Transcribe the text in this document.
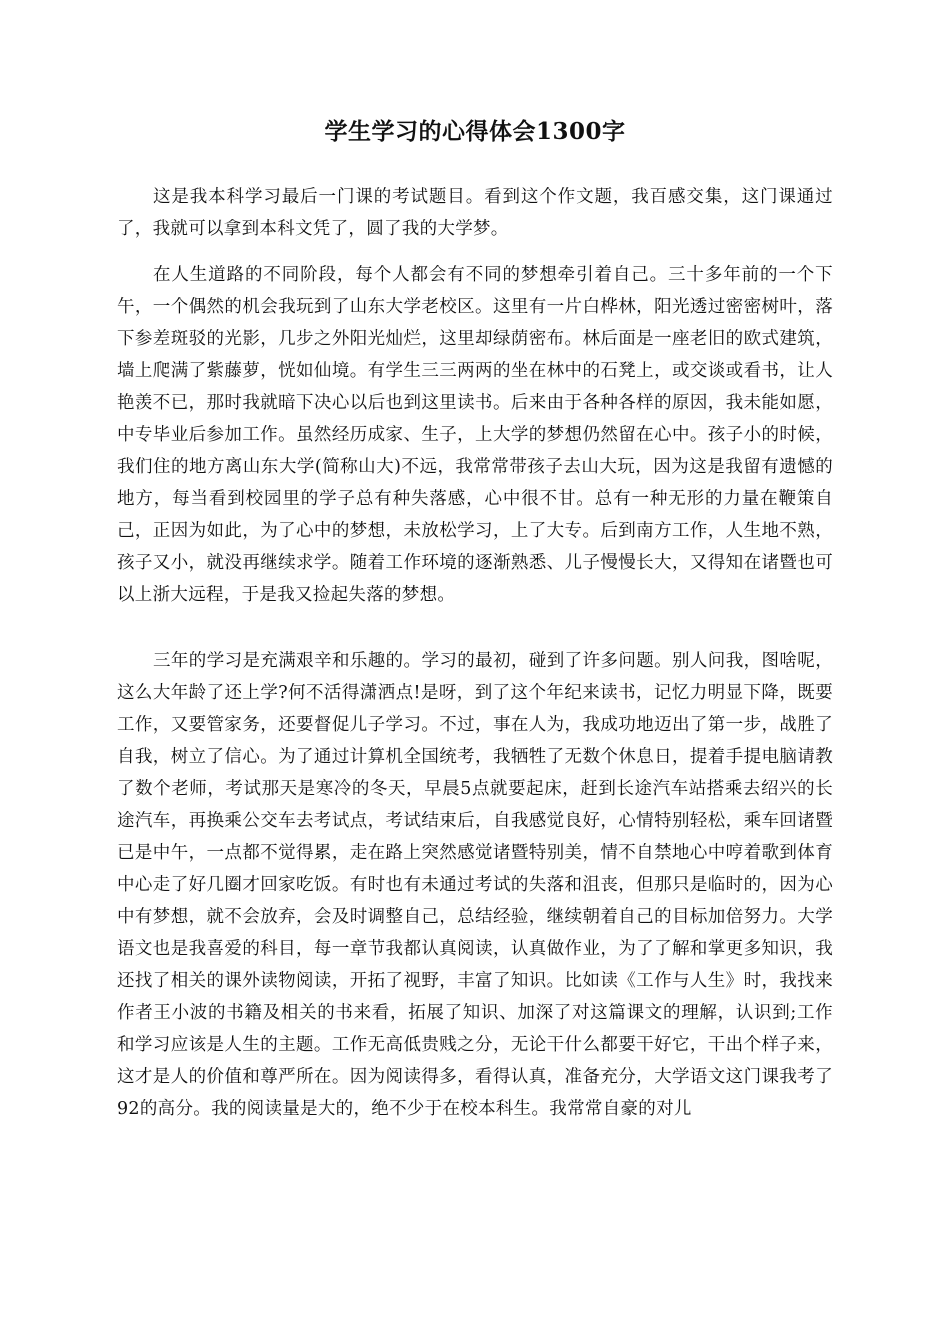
学生学习的心得体会1300字

这是我本科学习最后一门课的考试题目。看到这个作文题，我百感交集，这门课通过了，我就可以拿到本科文凭了，圆了我的大学梦。

在人生道路的不同阶段，每个人都会有不同的梦想牵引着自己。三十多年前的一个下午，一个偶然的机会我玩到了山东大学老校区。这里有一片白桦林，阳光透过密密树叶，落下参差斑驳的光影，几步之外阳光灿烂，这里却绿荫密布。林后面是一座老旧的欧式建筑，墙上爬满了紫藤萝，恍如仙境。有学生三三两两的坐在林中的石凳上，或交谈或看书，让人艳羡不已，那时我就暗下决心以后也到这里读书。后来由于各种各样的原因，我未能如愿，中专毕业后参加工作。虽然经历成家、生子，上大学的梦想仍然留在心中。孩子小的时候，我们住的地方离山东大学(简称山大)不远，我常常带孩子去山大玩，因为这是我留有遗憾的地方，每当看到校园里的学子总有种失落感，心中很不甘。总有一种无形的力量在鞭策自己，正因为如此，为了心中的梦想，未放松学习，上了大专。后到南方工作，人生地不熟，孩子又小，就没再继续求学。随着工作环境的逐渐熟悉、儿子慢慢长大，又得知在诸暨也可以上浙大远程，于是我又捡起失落的梦想。

三年的学习是充满艰辛和乐趣的。学习的最初，碰到了许多问题。别人问我，图啥呢，这么大年龄了还上学?何不活得潇洒点!是呀，到了这个年纪来读书，记忆力明显下降，既要工作，又要管家务，还要督促儿子学习。不过，事在人为，我成功地迈出了第一步，战胜了自我，树立了信心。为了通过计算机全国统考，我牺牲了无数个休息日，提着手提电脑请教了数个老师，考试那天是寒冷的冬天，早晨5点就要起床，赶到长途汽车站搭乘去绍兴的长途汽车，再换乘公交车去考试点，考试结束后，自我感觉良好，心情特别轻松，乘车回诸暨已是中午，一点都不觉得累，走在路上突然感觉诸暨特别美，情不自禁地心中哼着歌到体育中心走了好几圈才回家吃饭。有时也有未通过考试的失落和沮丧，但那只是临时的，因为心中有梦想，就不会放弃，会及时调整自己，总结经验，继续朝着自己的目标加倍努力。大学语文也是我喜爱的科目，每一章节我都认真阅读，认真做作业，为了了解和掌更多知识，我还找了相关的课外读物阅读，开拓了视野，丰富了知识。比如读《工作与人生》时，我找来作者王小波的书籍及相关的书来看，拓展了知识、加深了对这篇课文的理解，认识到;工作和学习应该是人生的主题。工作无高低贵贱之分，无论干什么都要干好它，干出个样子来，这才是人的价值和尊严所在。因为阅读得多，看得认真，准备充分，大学语文这门课我考了92的高分。我的阅读量是大的，绝不少于在校本科生。我常常自豪的对儿
